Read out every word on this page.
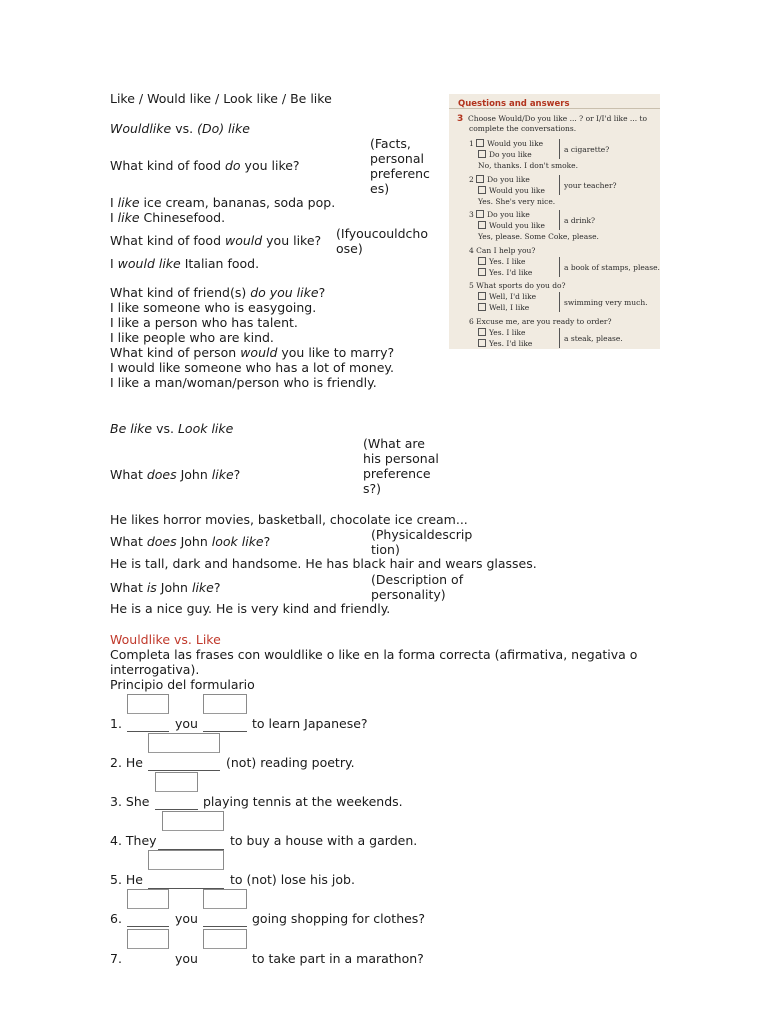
Like / Would like / Look like / Be like
Wouldlike vs. (Do) like
What kind of food do you like?
(Facts, personal preferenc es)
I like ice cream, bananas, soda pop.
I like Chinesefood.
What kind of food would you like? (Ifyoucouldcho ose)
I would like Italian food.
What kind of friend(s) do you like?
I like someone who is easygoing.
I like a person who has talent.
I like people who are kind.
What kind of person would you like to marry?
I would like someone who has a lot of money.
I like a man/woman/person who is friendly.
Be like vs. Look like
(What are his personal preference s?)
What does John like?
He likes horror movies, basketball, chocolate ice cream...
(Physicaldescrip tion)
What does John look like?
He is tall, dark and handsome. He has black hair and wears glasses.
(Description of personality)
What is John like?
He is a nice guy. He is very kind and friendly.
Wouldlike vs. Like
Completa las frases con wouldlike o like en la forma correcta (afirmativa, negativa o interrogativa).
Principio del formulario
1.	you	to learn Japanese?
2. He	(not) reading poetry.
3. She	playing tennis at the weekends.
4. They	to buy a house with a garden.
5. He	to (not) lose his job.
6.	you	going shopping for clothes?
7.	you	to take part in a marathon?
Questions and answers
3 Choose Would/Do you like ... ? or I/I'd like ... to
complete the conversations.
1 Would you like
Do you like
a cigarette?
No, thanks. I don't smoke.
2 Do you like
Would you like
your teacher?
Yes. She's very nice.
3 Do you like
Would you like
a drink?
Yes, please. Some Coke, please.
4 Can I help you?
Yes. I like
Yes. I'd like
a book of stamps, please.
5 What sports do you do?
Well, I'd like
Well, I like
swimming very much.
6 Excuse me, are you ready to order?
Yes. I like
Yes. I'd like
a steak, please.
